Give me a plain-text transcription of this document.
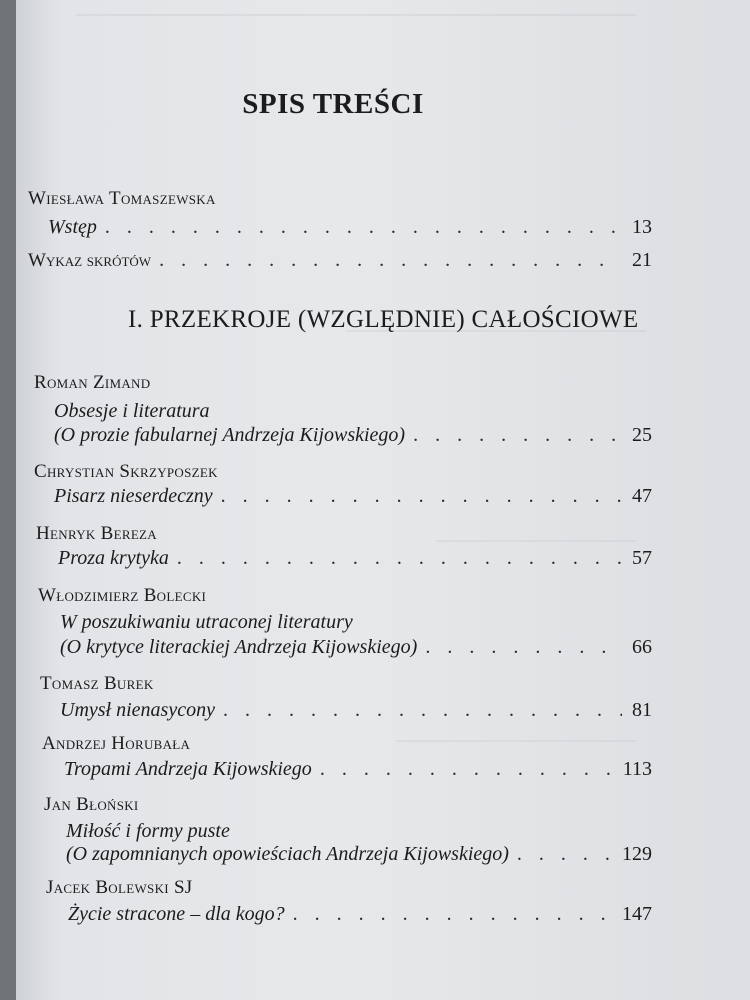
SPIS TREŚCI
Wiesława Tomaszewska
Wstęp . . .	13
Wykaz skrótów . . .	21
I. PRZEKROJE (WZGLĘDNIE) CAŁOŚCIOWE
Roman Zimand
Obsesje i literatura
(O prozie fabularnej Andrzeja Kijowskiego) . . .	25
Chrystian Skrzyposzek
Pisarz nieserdeczny . . .	47
Henryk Bereza
Proza krytyka . . .	57
Włodzimierz Bolecki
W poszukiwaniu utraconej literatury
(O krytyce literackiej Andrzeja Kijowskiego) . . .	66
Tomasz Burek
Umysł nienasycony . . .	81
Andrzej Horubała
Tropami Andrzeja Kijowskiego . . .	113
Jan Błoński
Miłość i formy puste
(O zapomnianych opowieściach Andrzeja Kijowskiego) . . .	129
Jacek Bolewski SJ
Życie stracone – dla kogo? . . .	147
